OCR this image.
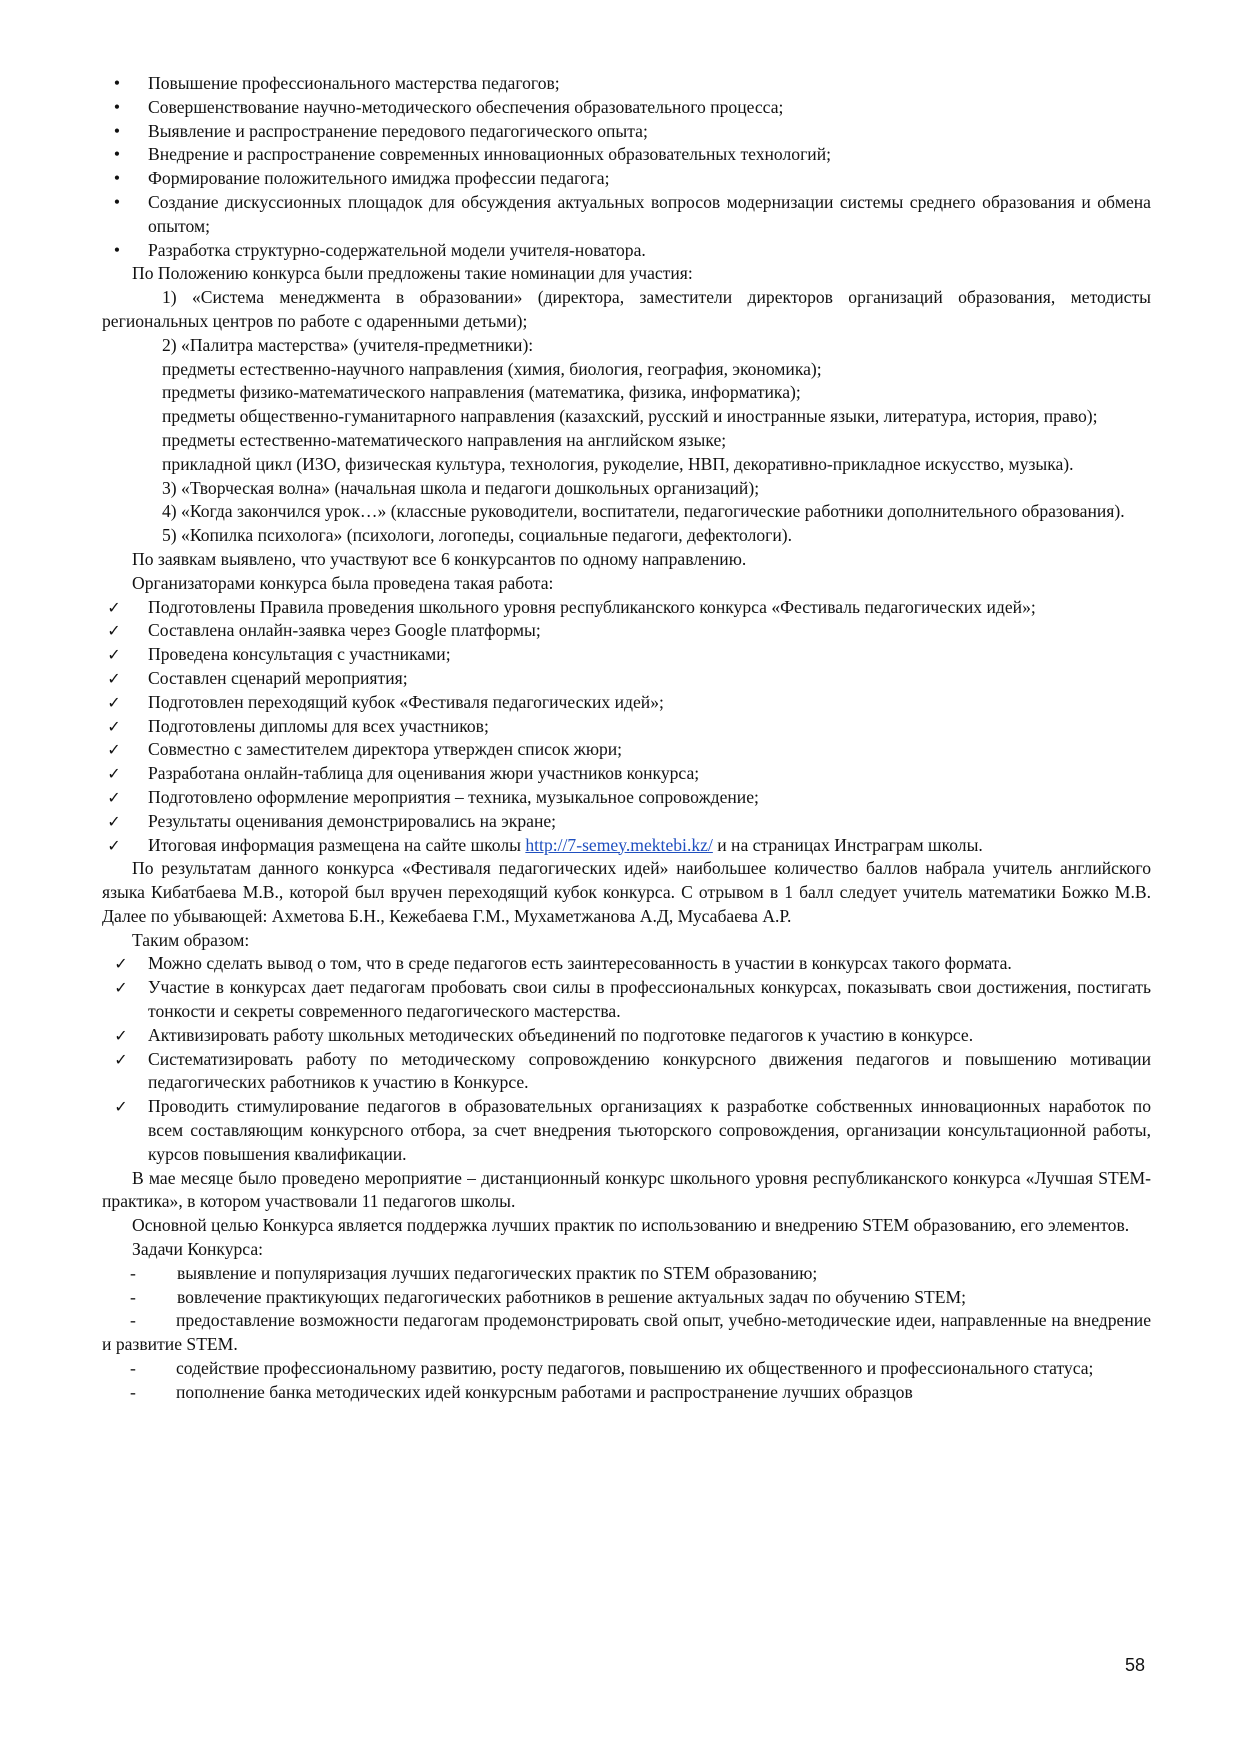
•	Повышение профессионального мастерства педагогов;
•	Совершенствование научно-методического обеспечения образовательного процесса;
•	Выявление и распространение передового педагогического опыта;
•	Внедрение и распространение современных инновационных образовательных технологий;
•	Формирование положительного имиджа профессии педагога;
•	Создание дискуссионных площадок для обсуждения актуальных вопросов модернизации системы среднего образования и обмена опытом;
•	Разработка структурно-содержательной модели учителя-новатора.

По Положению конкурса были предложены такие номинации для участия:

1) «Система менеджмента в образовании» (директора, заместители директоров организаций образования, методисты региональных центров по работе с одаренными детьми);

2) «Палитра мастерства» (учителя-предметники):

предметы естественно-научного направления (химия, биология, география, экономика);

предметы физико-математического направления (математика, физика, информатика);

предметы общественно-гуманитарного направления (казахский, русский и иностранные языки, литература, история, право);

предметы естественно-математического направления на английском языке;

прикладной цикл (ИЗО, физическая культура, технология, рукоделие, НВП, декоративно-прикладное искусство, музыка).

3) «Творческая волна» (начальная школа и педагоги дошкольных организаций);

4) «Когда закончился урок…» (классные руководители, воспитатели, педагогические работники дополнительного образования).

5) «Копилка психолога» (психологи, логопеды, социальные педагоги, дефектологи).

По заявкам выявлено, что участвуют все 6 конкурсантов по одному направлению.

Организаторами конкурса была проведена такая работа:

✓ Подготовлены Правила проведения школьного уровня республиканского конкурса «Фестиваль педагогических идей»;
✓ Составлена онлайн-заявка через Google платформы;
✓ Проведена консультация с участниками;
✓ Составлен сценарий мероприятия;
✓ Подготовлен переходящий кубок «Фестиваля педагогических идей»;
✓ Подготовлены дипломы для всех участников;
✓ Совместно с заместителем директора утвержден список жюри;
✓ Разработана онлайн-таблица для оценивания жюри участников конкурса;
✓ Подготовлено оформление мероприятия – техника, музыкальное сопровождение;
✓ Результаты оценивания демонстрировались на экране;
✓ Итоговая информация размещена на сайте школы http://7-semey.mektebi.kz/ и на страницах Инстраграм школы.

По результатам данного конкурса «Фестиваля педагогических идей» наибольшее количество баллов набрала учитель английского языка Кибатбаева М.В., которой был вручен переходящий кубок конкурса. С отрывом в 1 балл следует учитель математики Божко М.В. Далее по убывающей: Ахметова Б.Н., Кежебаева Г.М., Мухаметжанова А.Д, Мусабаева А.Р.

Таким образом:

✓ Можно сделать вывод о том, что в среде педагогов есть заинтересованность в участии в конкурсах такого формата.
✓ Участие в конкурсах дает педагогам пробовать свои силы в профессиональных конкурсах, показывать свои достижения, постигать тонкости и секреты современного педагогического мастерства.
✓ Активизировать работу школьных методических объединений по подготовке педагогов к участию в конкурсе.
✓ Систематизировать работу по методическому сопровождению конкурсного движения педагогов и повышению мотивации педагогических работников к участию в Конкурсе.
✓ Проводить стимулирование педагогов в образовательных организациях к разработке собственных инновационных наработок по всем составляющим конкурсного отбора, за счет внедрения тьюторского сопровождения, организации консультационной работы, курсов повышения квалификации.

В мае месяце было проведено мероприятие – дистанционный конкурс школьного уровня республиканского конкурса «Лучшая STEM-практика», в котором участвовали 11 педагогов школы.

Основной целью Конкурса является поддержка лучших практик по использованию и внедрению STEM образованию, его элементов.

Задачи Конкурса:

- выявление и популяризация лучших педагогических практик по STEM образованию;
- вовлечение практикующих педагогических работников в решение актуальных задач по обучению STEM;
- предоставление возможности педагогам продемонстрировать свой опыт, учебно-методические идеи, направленные на внедрение и развитие STEM.
- содействие профессиональному развитию, росту педагогов, повышению их общественного и профессионального статуса;
- пополнение банка методических идей конкурсным работами и распространение лучших образцов
58
